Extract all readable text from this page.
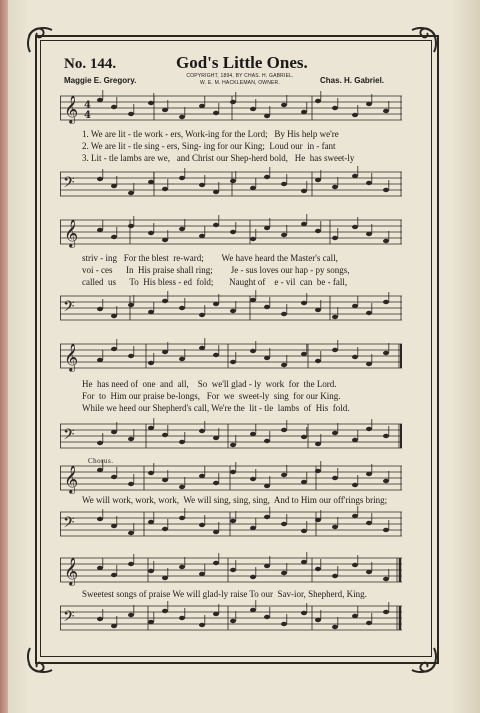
No. 144.	God's Little Ones.
Maggie E. Gregory.	COPYRIGHT, 1894, BY CHAS. H. GABRIEL.
W. E. M. HACKLEMAN, OWNER.	Chas. H. Gabriel.
𝄞 4
4
1. We are lit - tle work - ers, Work-ing for the Lord;   By His help we're
2. We are lit - tle sing - ers, Sing- ing for our King;  Loud our  in - fant
3. Lit - tle lambs are we,   and Christ our Shep-herd bold,   He  has sweet-ly
𝄢
𝄞
striv - ing   For the blest  re-ward;        We have heard the Master's call,
voi - ces      In  His praise shall ring;        Je - sus loves our hap - py songs,
called  us      To  His bless - ed  fold;       Naught of    e - vil  can  be - fall,
𝄢
𝄞
He  has need of  one  and  all,    So  we'll glad - ly  work  for  the Lord.
For  to  Him our praise be-longs,   For  we  sweet-ly  sing  for our King.
While we heed our Shepherd's call, We're the  lit - tle  lambs  of  His  fold.
𝄢
Chorus.
𝄞
We will work, work, work,  We will sing, sing, sing,  And to Him our off'rings bring;
𝄢
𝄞
Sweetest songs of praise We will glad-ly raise To our  Sav-ior, Shepherd, King.
𝄢
